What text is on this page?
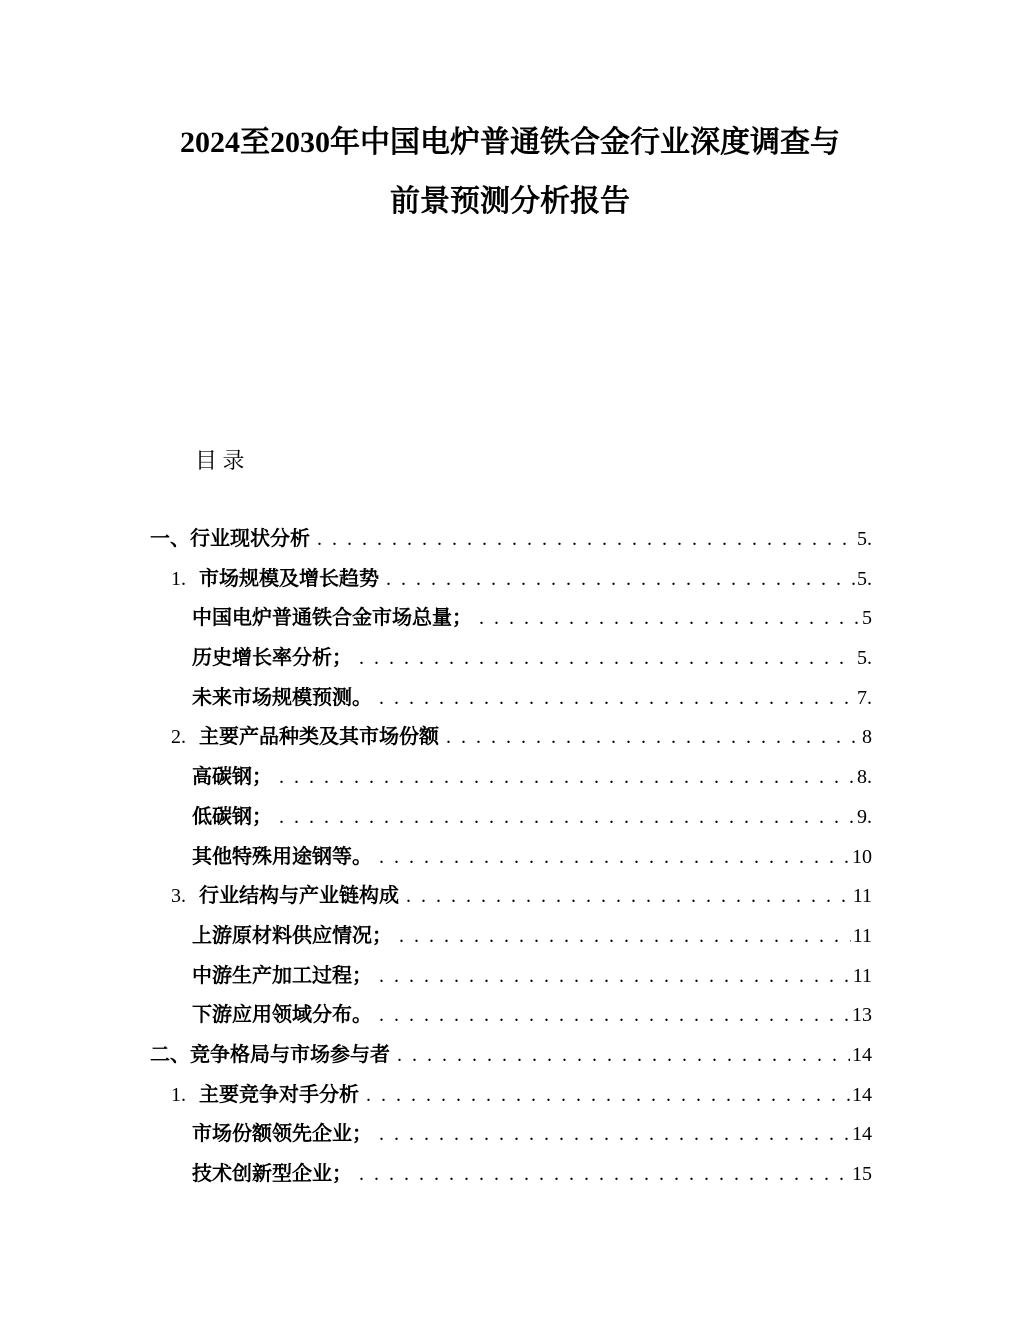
2024至2030年中国电炉普通铁合金行业深度调查与
前景预测分析报告
目 录
一、行业现状分析 . . .	5.
1. 市场规模及增长趋势 . . .	5.
中国电炉普通铁合金市场总量； . . .	5
历史增长率分析； . . .	5.
未来市场规模预测。 . . .	7.
2. 主要产品种类及其市场份额 . . .	8
高碳钢； . . .	8.
低碳钢； . . .	9.
其他特殊用途钢等。 . . .	10
3. 行业结构与产业链构成 . . .	11
上游原材料供应情况； . . .	11
中游生产加工过程； . . .	11
下游应用领域分布。 . . .	13
二、竞争格局与市场参与者 . . .	14
1. 主要竞争对手分析 . . .	14
市场份额领先企业； . . .	14
技术创新型企业； . . .	15
